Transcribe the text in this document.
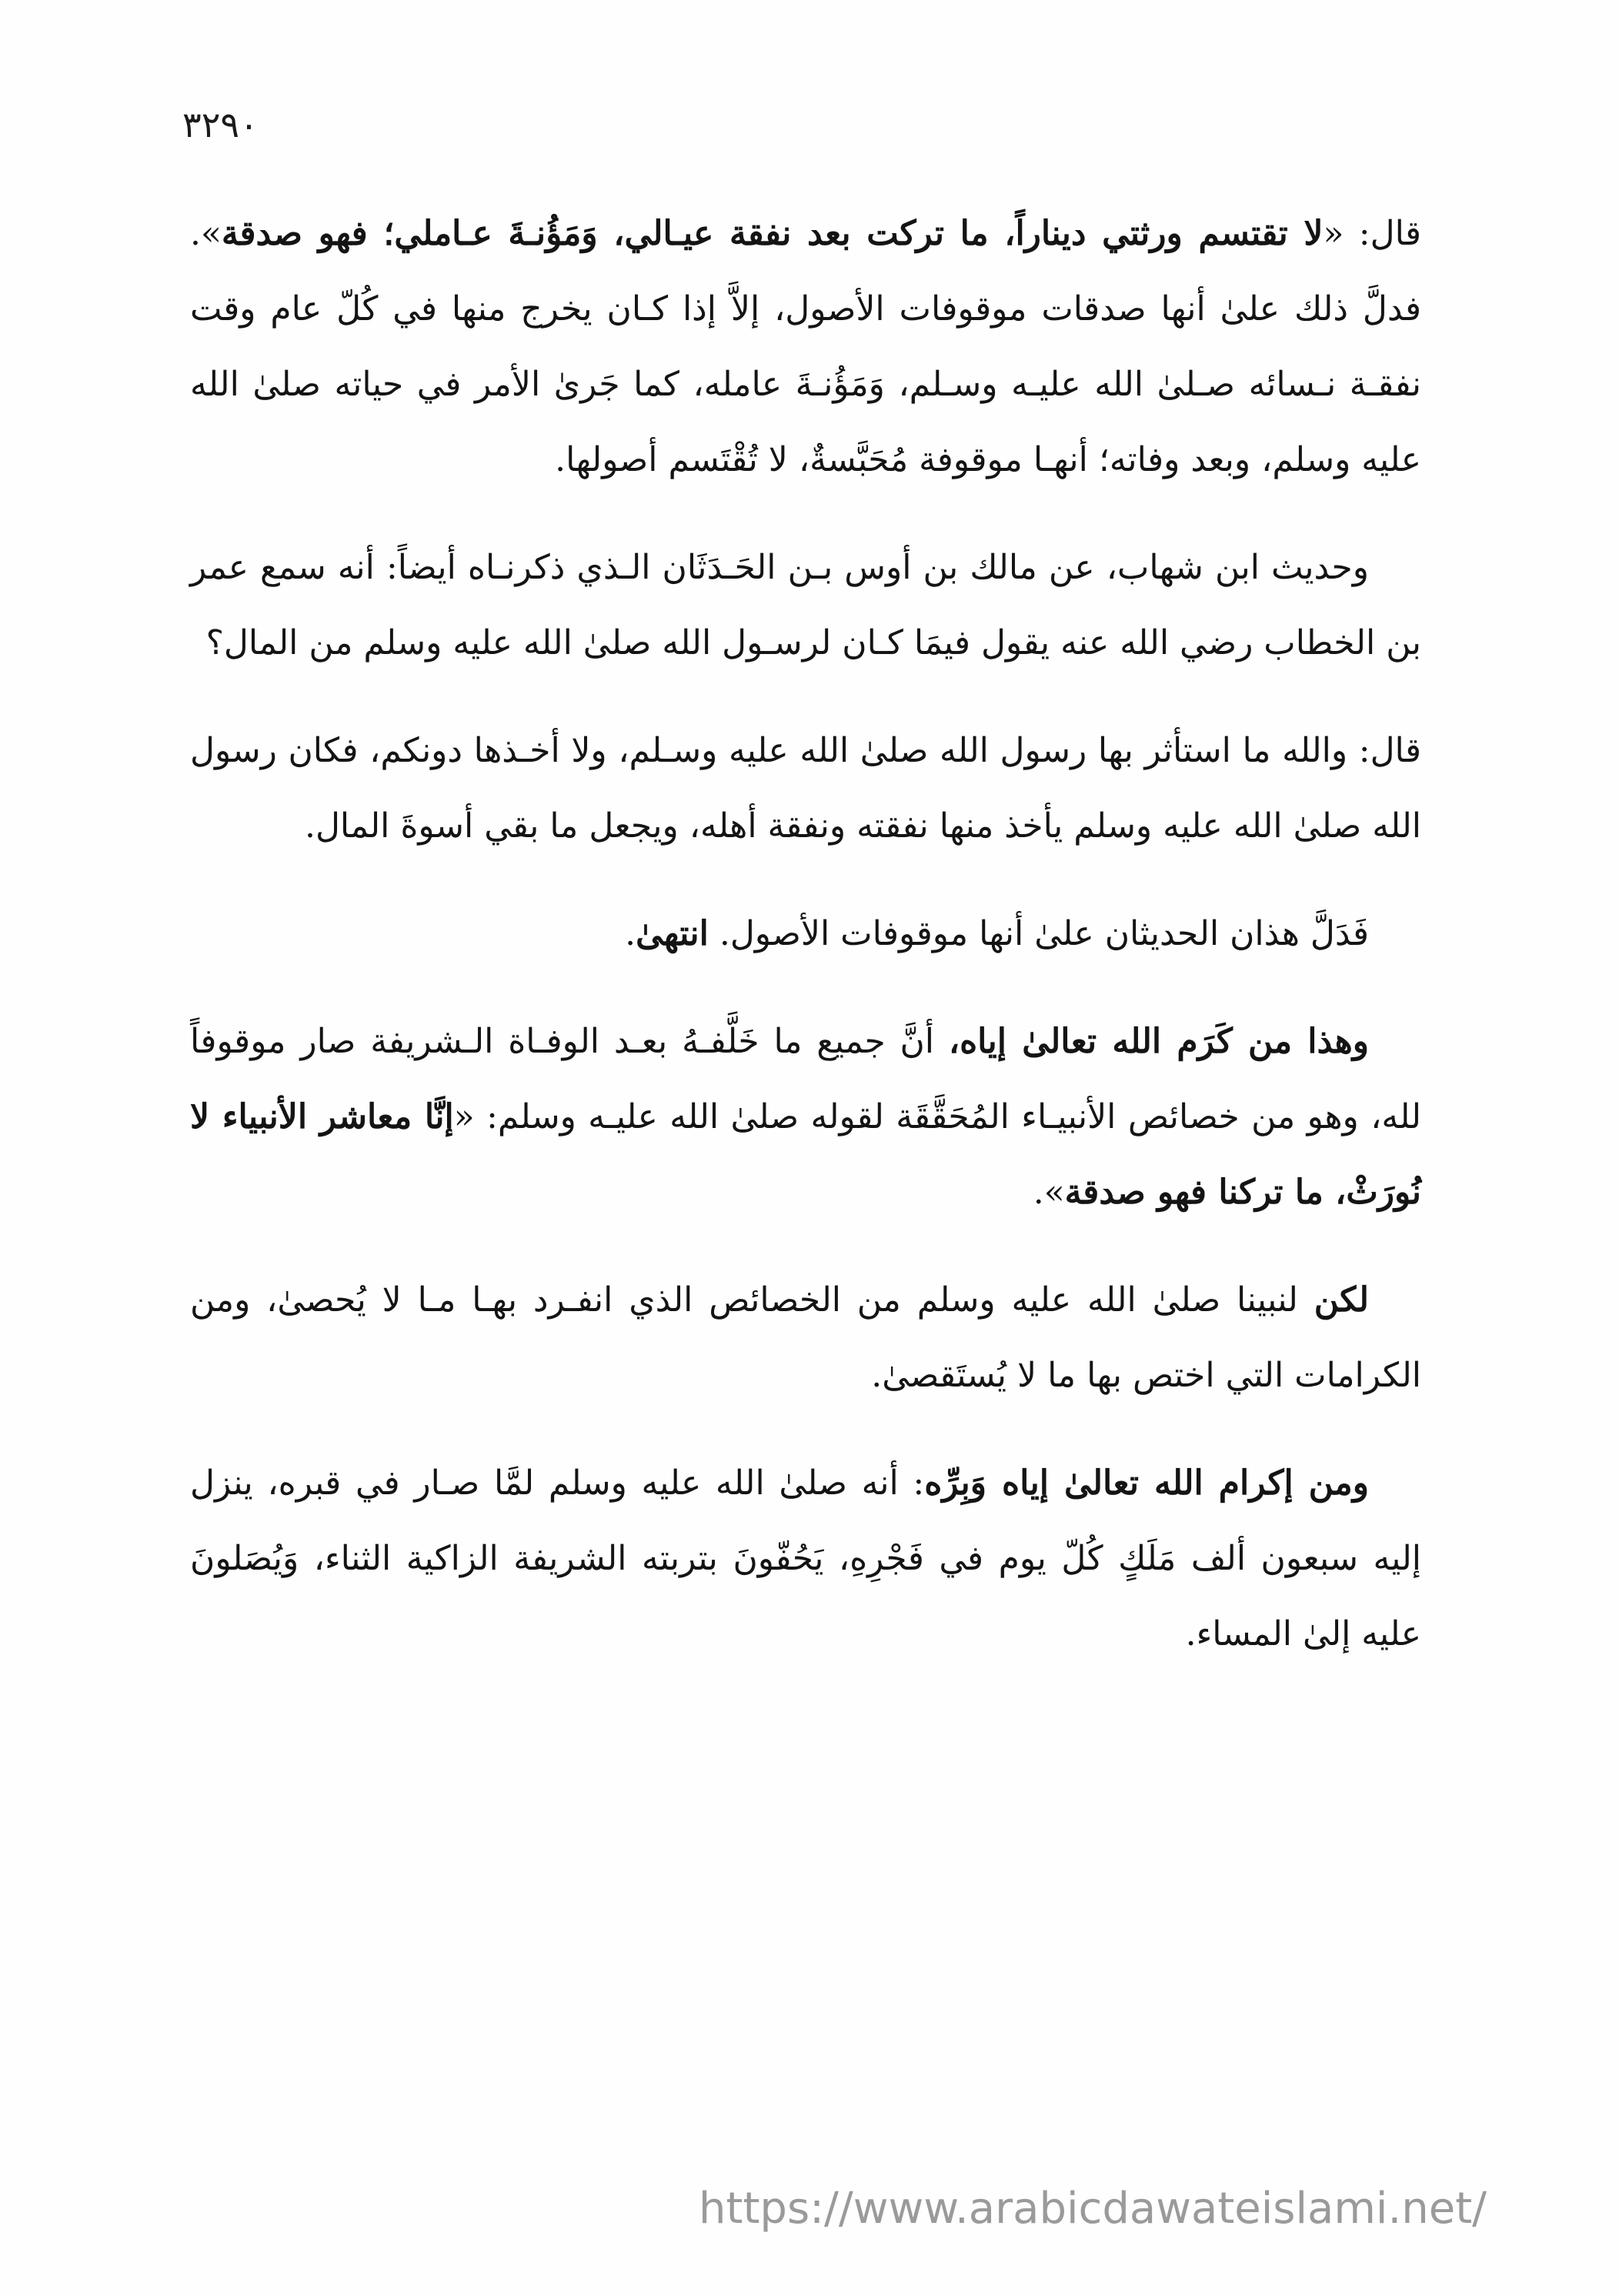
٣٢٩٠

قال: «لا تقتسم ورثتي ديناراً، ما تركت بعد نفقة عيـالي، وَمَؤُنـةَ عـاملي؛ فهو صدقة». فدلَّ ذلك علىٰ أنها صدقات موقوفات الأصول، إلاَّ إذا كـان يخرج منها في كُلّ عام وقت نفقـة نـسائه صـلىٰ الله عليـه وسـلم، وَمَؤُنـةَ عامله، كما جَرىٰ الأمر في حياته صلىٰ الله عليه وسلم، وبعد وفاته؛ أنهـا موقوفة مُحَبَّسةٌ، لا تُقْتَسم أصولها.

وحديث ابن شهاب، عن مالك بن أوس بـن الحَـدَثَان الـذي ذكرنـاه أيضاً: أنه سمع عمر بن الخطاب رضي الله عنه يقول فيمَا كـان لرسـول الله صلىٰ الله عليه وسلم من المال؟

قال: والله ما استأثر بها رسول الله صلىٰ الله عليه وسـلم، ولا أخـذها دونكم، فكان رسول الله صلىٰ الله عليه وسلم يأخذ منها نفقته ونفقة أهله، ويجعل ما بقي أسوةَ المال.

فَدَلَّ هذان الحديثان علىٰ أنها موقوفات الأصول. انتهىٰ.

وهذا من كَرَم الله تعالىٰ إياه، أنَّ جميع ما خَلَّفـهُ بعـد الوفـاة الـشريفة صار موقوفاً لله، وهو من خصائص الأنبيـاء المُحَقَّقَة لقوله صلىٰ الله عليـه وسلم: «إنَّا معاشر الأنبياء لا نُورَثْ، ما تركنا فهو صدقة».

لكن لنبينا صلىٰ الله عليه وسلم من الخصائص الذي انفـرد بهـا مـا لا يُحصىٰ، ومن الكرامات التي اختص بها ما لا يُستَقصىٰ.

ومن إكرام الله تعالىٰ إياه وَبِرِّه: أنه صلىٰ الله عليه وسلم لمَّا صـار في قبره، ينزل إليه سبعون ألف مَلَكٍ كُلّ يوم في فَجْرِهِ، يَحُفّونَ بتربته الشريفة الزاكية الثناء، وَيُصَلونَ عليه إلىٰ المساء.

https://www.arabicdawateislami.net/
